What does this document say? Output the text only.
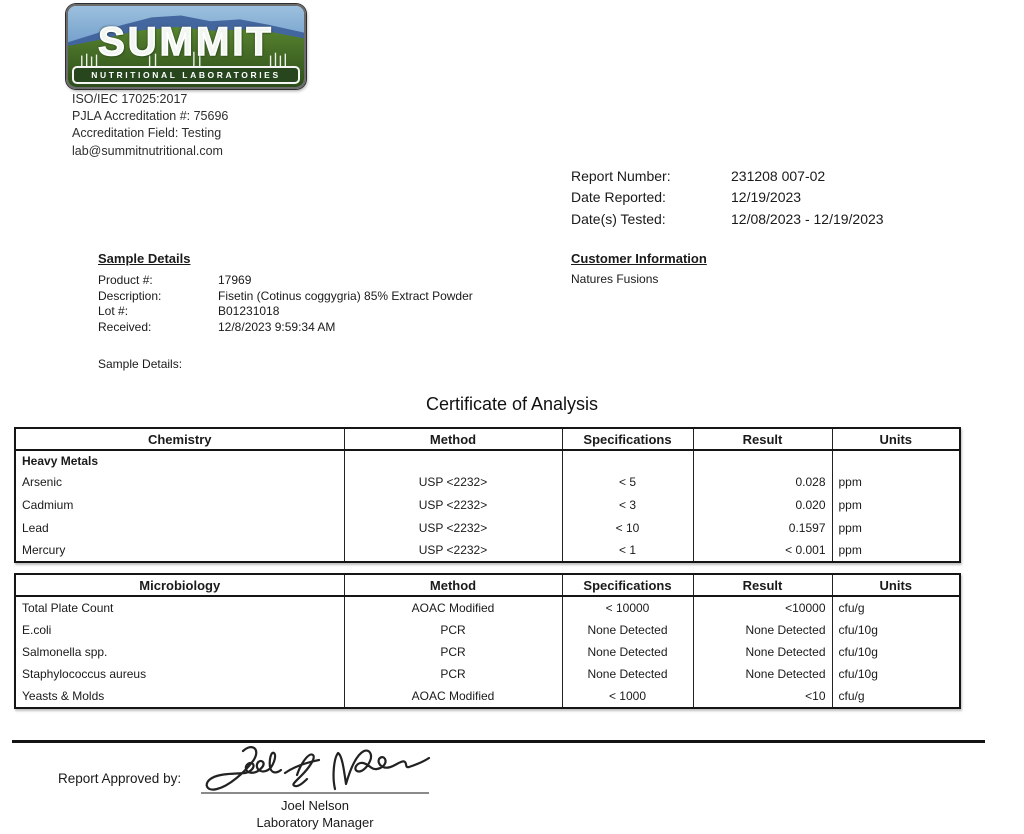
SUMMIT
NUTRITIONAL LABORATORIES
ISO/IEC 17025:2017
PJLA Accreditation #: 75696
Accreditation Field: Testing
lab@summitnutritional.com
Report Number:	231208 007-02
Date Reported:	12/19/2023
Date(s) Tested:	12/08/2023 - 12/19/2023
Sample Details
Product #:	17969
Description:	Fisetin (Cotinus coggygria) 85% Extract Powder
Lot #:	B01231018
Received:	12/8/2023 9:59:34 AM
Sample Details:
Customer Information
Natures Fusions
Certificate of Analysis
Chemistry	Method	Specifications	Result	Units
Heavy Metals				
Arsenic	USP <2232>	< 5	0.028	ppm
Cadmium	USP <2232>	< 3	0.020	ppm
Lead	USP <2232>	< 10	0.1597	ppm
Mercury	USP <2232>	< 1	< 0.001	ppm
Microbiology	Method	Specifications	Result	Units
Total Plate Count	AOAC Modified	< 10000	<10000	cfu/g
E.coli	PCR	None Detected	None Detected	cfu/10g
Salmonella spp.	PCR	None Detected	None Detected	cfu/10g
Staphylococcus aureus	PCR	None Detected	None Detected	cfu/10g
Yeasts & Molds	AOAC Modified	< 1000	<10	cfu/g
Report Approved by:
Joel Nelson
Laboratory Manager
